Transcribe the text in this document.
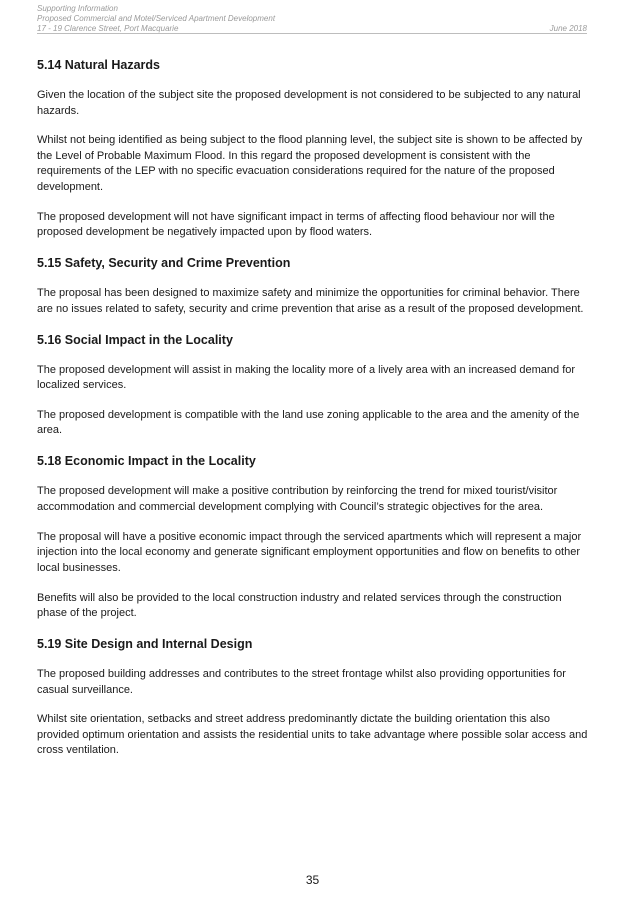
Supporting Information
Proposed Commercial and Motel/Serviced Apartment Development
17 - 19 Clarence Street, Port Macquarie	June 2018
5.14 Natural Hazards

Given the location of the subject site the proposed development is not considered to be subjected to any natural hazards.

Whilst not being identified as being subject to the flood planning level, the subject site is shown to be affected by the Level of Probable Maximum Flood. In this regard the proposed development is consistent with the requirements of the LEP with no specific evacuation considerations required for the nature of the proposed development.

The proposed development will not have significant impact in terms of affecting flood behaviour nor will the proposed development be negatively impacted upon by flood waters.

5.15 Safety, Security and Crime Prevention

The proposal has been designed to maximize safety and minimize the opportunities for criminal behavior. There are no issues related to safety, security and crime prevention that arise as a result of the proposed development.

5.16 Social Impact in the Locality

The proposed development will assist in making the locality more of a lively area with an increased demand for localized services.

The proposed development is compatible with the land use zoning applicable to the area and the amenity of the area.

5.18 Economic Impact in the Locality

The proposed development will make a positive contribution by reinforcing the trend for mixed tourist/visitor accommodation and commercial development complying with Council’s strategic objectives for the area.

The proposal will have a positive economic impact through the serviced apartments which will represent a major injection into the local economy and generate significant employment opportunities and flow on benefits to other local businesses.

Benefits will also be provided to the local construction industry and related services through the construction phase of the project.

5.19 Site Design and Internal Design

The proposed building addresses and contributes to the street frontage whilst also providing opportunities for casual surveillance.

Whilst site orientation, setbacks and street address predominantly dictate the building orientation this also provided optimum orientation and assists the residential units to take advantage where possible solar access and cross ventilation.

35
